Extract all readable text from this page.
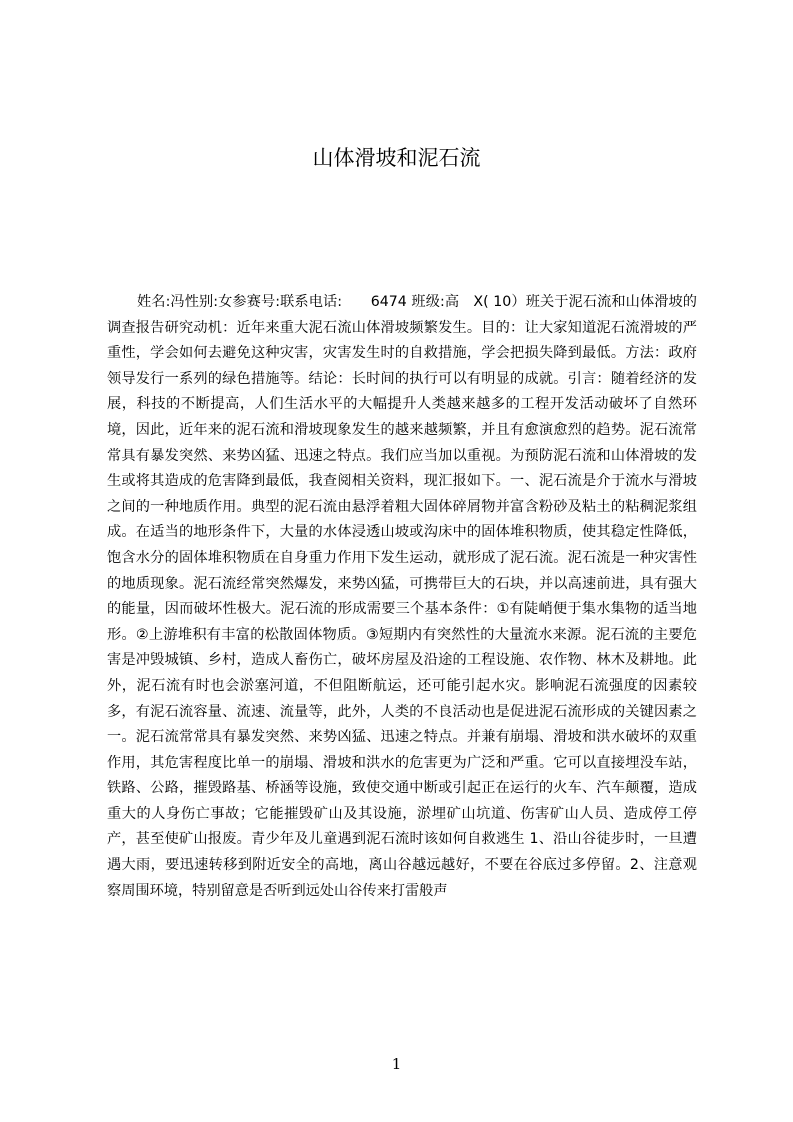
山体滑坡和泥石流

姓名:冯性别:女参赛号:联系电话:　　6474 班级:高　X( 10）班关于泥石流和山体滑坡的调查报告研究动机：近年来重大泥石流山体滑坡频繁发生。目的：让大家知道泥石流滑坡的严重性，学会如何去避免这种灾害，灾害发生时的自救措施，学会把损失降到最低。方法：政府领导发行一系列的绿色措施等。结论：长时间的执行可以有明显的成就。引言：随着经济的发展，科技的不断提高，人们生活水平的大幅提升人类越来越多的工程开发活动破坏了自然环境，因此，近年来的泥石流和滑坡现象发生的越来越频繁，并且有愈演愈烈的趋势。泥石流常常具有暴发突然、来势凶猛、迅速之特点。我们应当加以重视。为预防泥石流和山体滑坡的发生或将其造成的危害降到最低，我查阅相关资料，现汇报如下。一、泥石流是介于流水与滑坡之间的一种地质作用。典型的泥石流由悬浮着粗大固体碎屑物并富含粉砂及粘土的粘稠泥浆组成。在适当的地形条件下，大量的水体浸透山坡或沟床中的固体堆积物质，使其稳定性降低，饱含水分的固体堆积物质在自身重力作用下发生运动，就形成了泥石流。泥石流是一种灾害性的地质现象。泥石流经常突然爆发，来势凶猛，可携带巨大的石块，并以高速前进，具有强大的能量，因而破坏性极大。泥石流的形成需要三个基本条件：①有陡峭便于集水集物的适当地形。②上游堆积有丰富的松散固体物质。③短期内有突然性的大量流水来源。泥石流的主要危害是冲毁城镇、乡村，造成人畜伤亡，破坏房屋及沿途的工程设施、农作物、林木及耕地。此外，泥石流有时也会淤塞河道，不但阻断航运，还可能引起水灾。影响泥石流强度的因素较多，有泥石流容量、流速、流量等，此外，人类的不良活动也是促进泥石流形成的关键因素之一。泥石流常常具有暴发突然、来势凶猛、迅速之特点。并兼有崩塌、滑坡和洪水破坏的双重作用，其危害程度比单一的崩塌、滑坡和洪水的危害更为广泛和严重。它可以直接埋没车站，铁路、公路，摧毁路基、桥涵等设施，致使交通中断或引起正在运行的火车、汽车颠覆，造成重大的人身伤亡事故；它能摧毁矿山及其设施，淤埋矿山坑道、伤害矿山人员、造成停工停产，甚至使矿山报废。青少年及儿童遇到泥石流时该如何自救逃生 1、沿山谷徒步时，一旦遭遇大雨，要迅速转移到附近安全的高地，离山谷越远越好，不要在谷底过多停留。2、注意观察周围环境，特别留意是否听到远处山谷传来打雷般声

1
